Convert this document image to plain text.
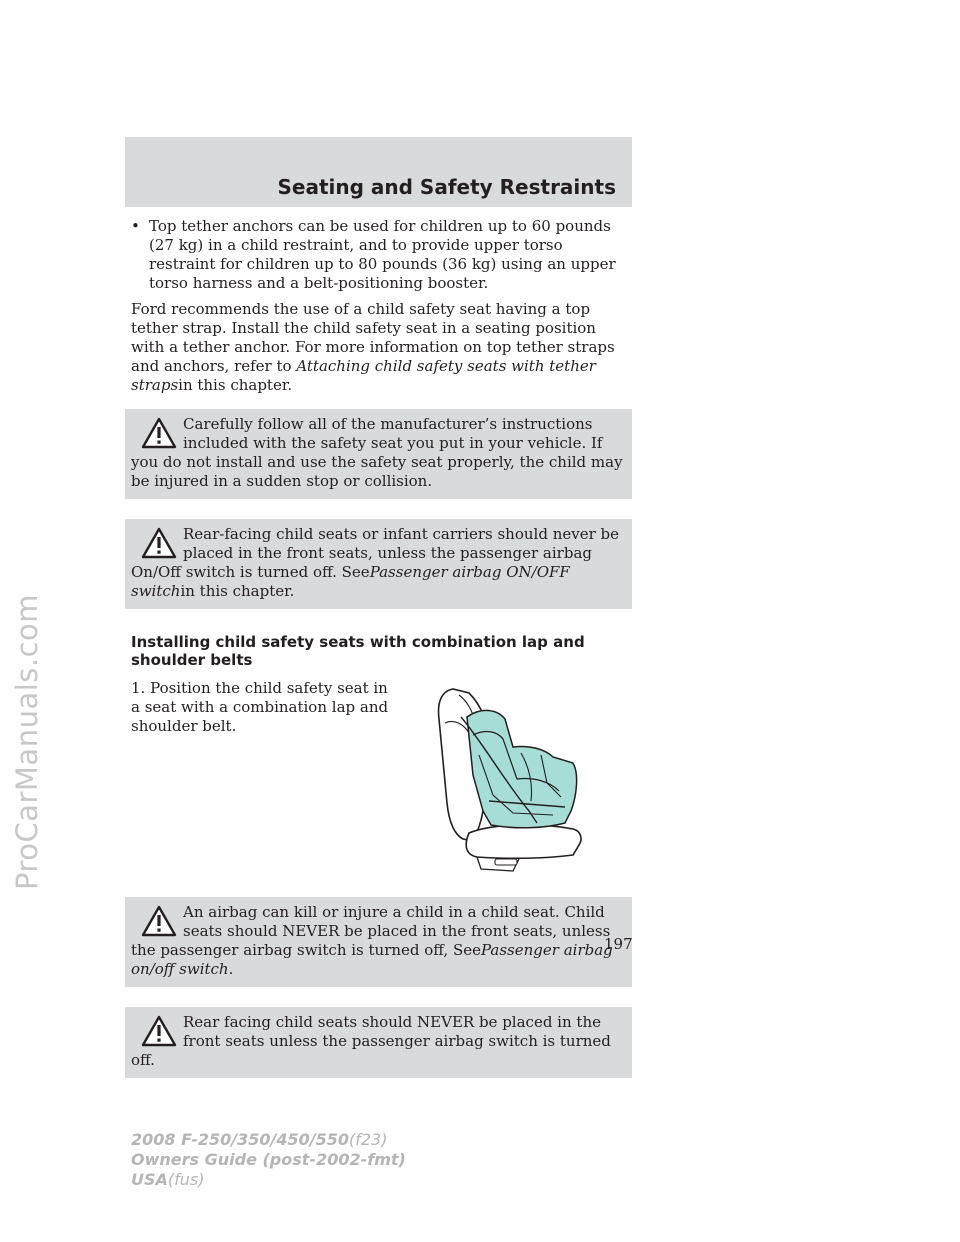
Seating and Safety Restraints
ProCarManuals.com
• Top tether anchors can be used for children up to 60 pounds (27 kg) in a child restraint, and to provide upper torso restraint for children up to 80 pounds (36 kg) using an upper torso harness and a belt-positioning booster.

Ford recommends the use of a child safety seat having a top tether strap. Install the child safety seat in a seating position with a tether anchor. For more information on top tether straps and anchors, refer to Attaching child safety seats with tether strapsin this chapter.

Carefully follow all of the manufacturer’s instructions included with the safety seat you put in your vehicle. If you do not install and use the safety seat properly, the child may be injured in a sudden stop or collision.
Rear-facing child seats or infant carriers should never be placed in the front seats, unless the passenger airbag On/Off switch is turned off. SeePassenger airbag ON/OFF switchin this chapter.
Installing child safety seats with combination lap and shoulder belts
1. Position the child safety seat in a seat with a combination lap and shoulder belt.
An airbag can kill or injure a child in a child seat. Child seats should NEVER be placed in the front seats, unless the passenger airbag switch is turned off, SeePassenger airbag on/off switch.
Rear facing child seats should NEVER be placed in the front seats unless the passenger airbag switch is turned off.
197
2008 F-250/350/450/550(f23)
Owners Guide (post-2002-fmt)
USA(fus)
